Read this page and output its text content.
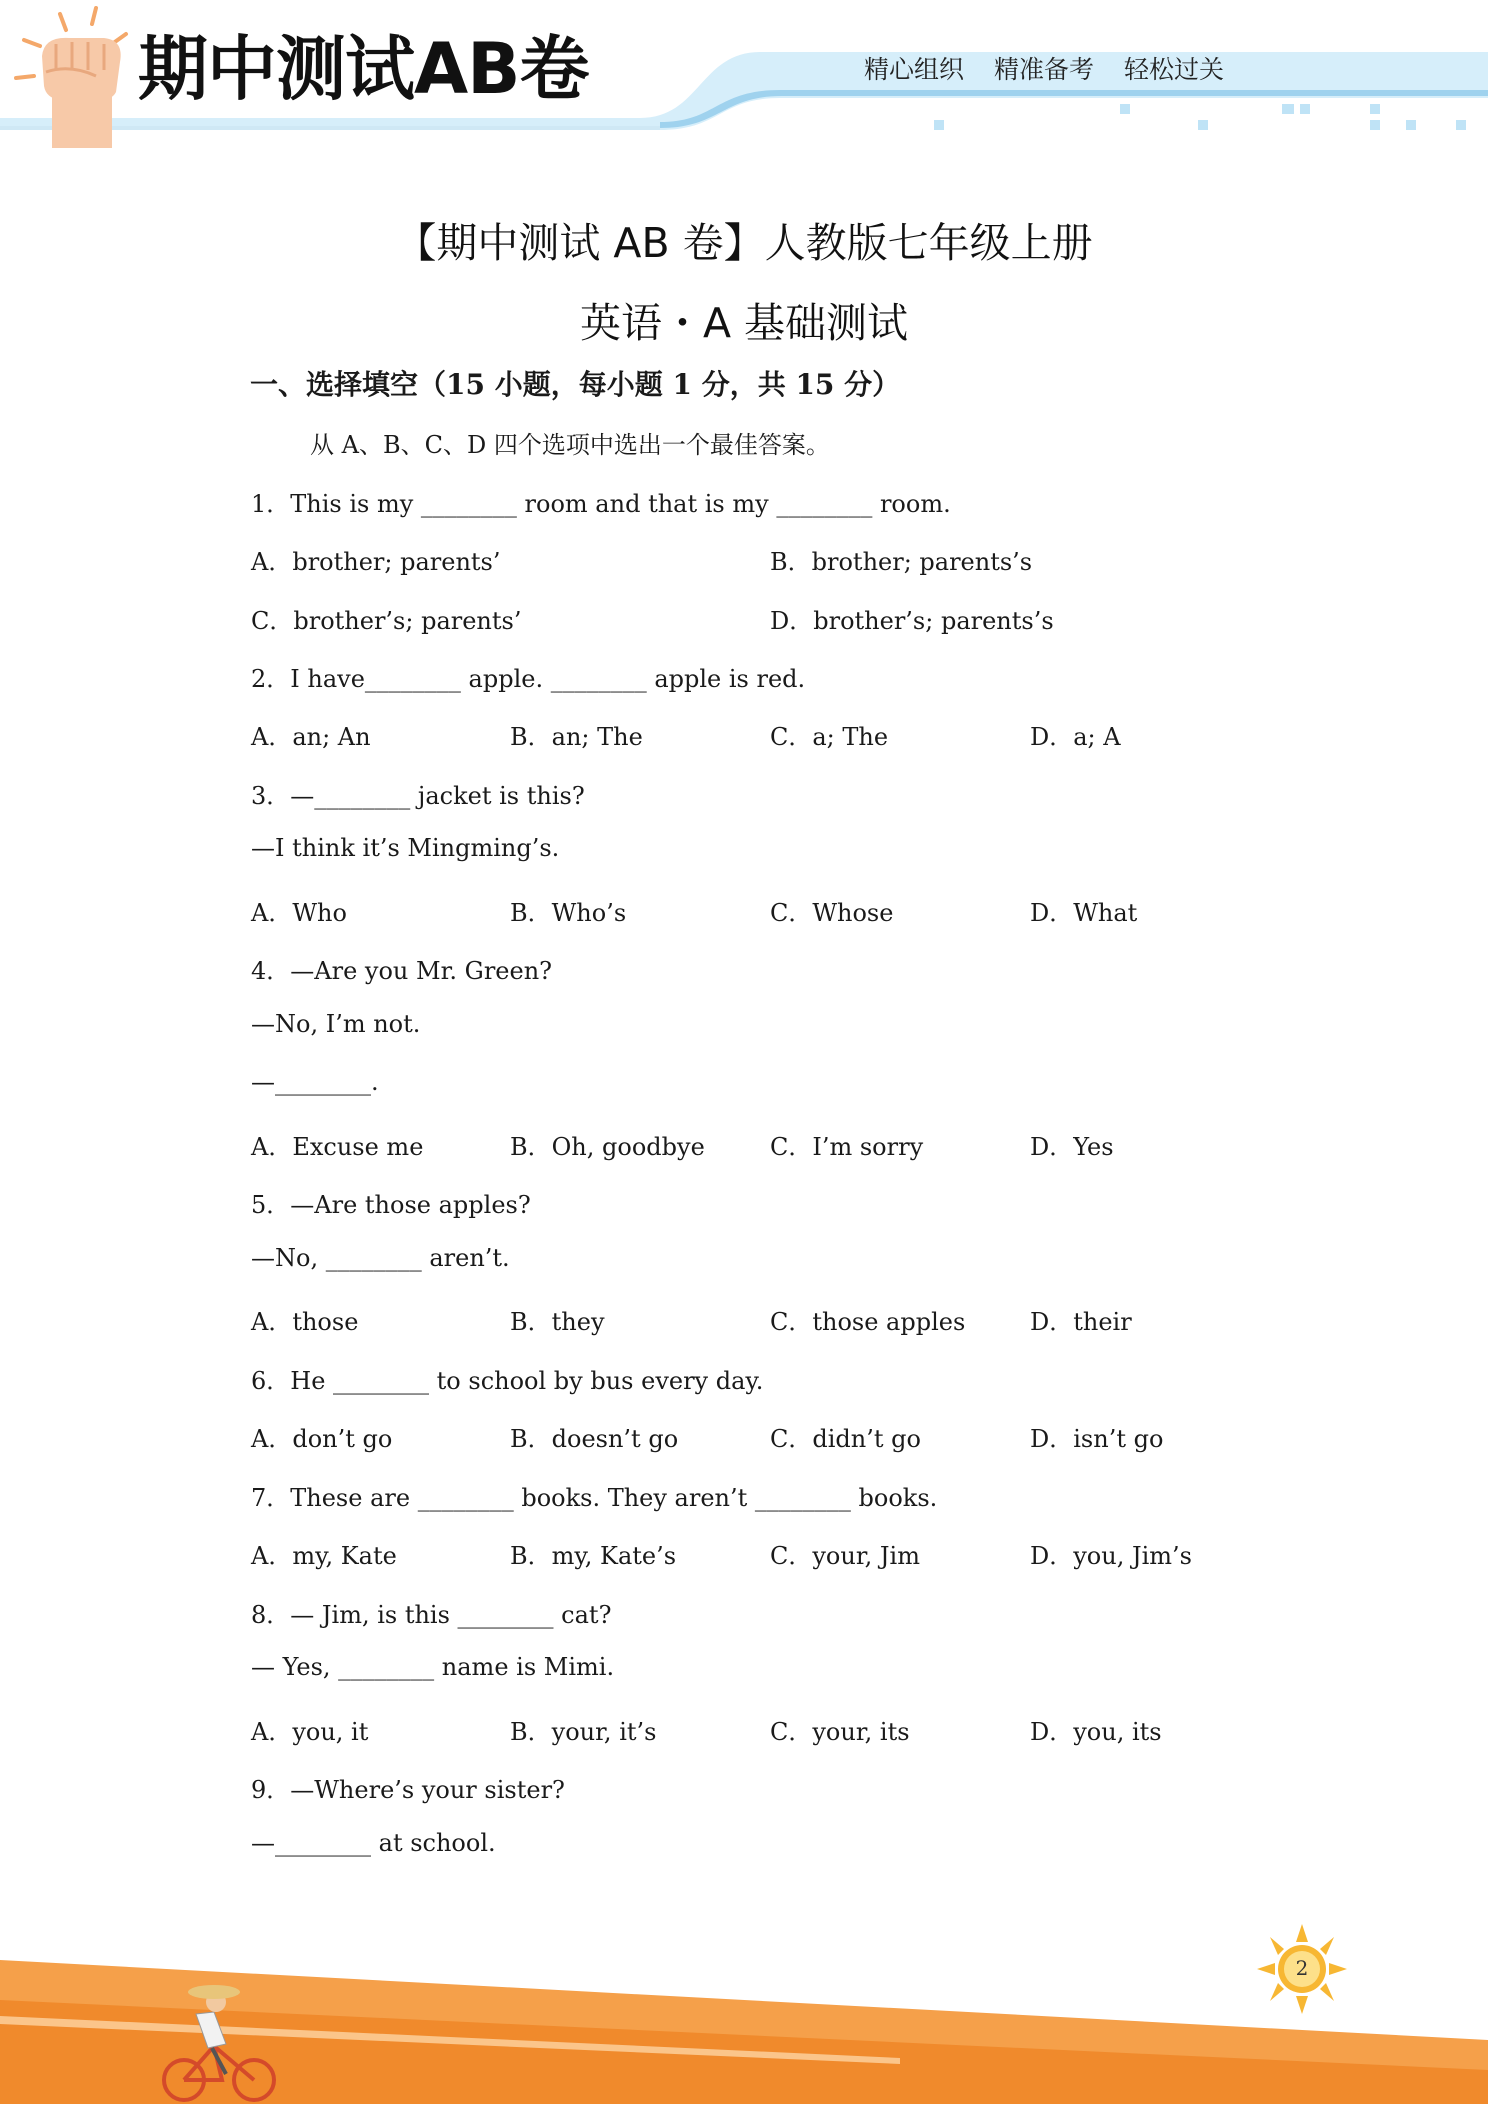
期中测试AB卷	精心组织 精准备考 轻松过关
【期中测试 AB 卷】人教版七年级上册
英语・A 基础测试
一、选择填空（15 小题，每小题 1 分，共 15 分）
从 A、B、C、D 四个选项中选出一个最佳答案。
1．This is my ________ room and that is my ________ room.
A．brother; parents’	B．brother; parents’s
C．brother’s; parents’	D．brother’s; parents’s
2．I have________ apple. ________ apple is red.
A．an; An	B．an; The	C．a; The	D．a; A
3．—________ jacket is this?
—I think it’s Mingming’s.
A．Who	B．Who’s	C．Whose	D．What
4．—Are you Mr. Green?
—No, I’m not.
—________.
A．Excuse me	B．Oh, goodbye	C．I’m sorry	D．Yes
5．—Are those apples?
—No, ________ aren’t.
A．those	B．they	C．those apples	D．their
6．He ________ to school by bus every day.
A．don’t go	B．doesn’t go	C．didn’t go	D．isn’t go
7．These are ________ books. They aren’t ________ books.
A．my, Kate	B．my, Kate’s	C．your, Jim	D．you, Jim’s
8．— Jim, is this ________ cat?
— Yes, ________ name is Mimi.
A．you, it	B．your, it’s	C．your, its	D．you, its
9．—Where’s your sister?
—________ at school.
2
